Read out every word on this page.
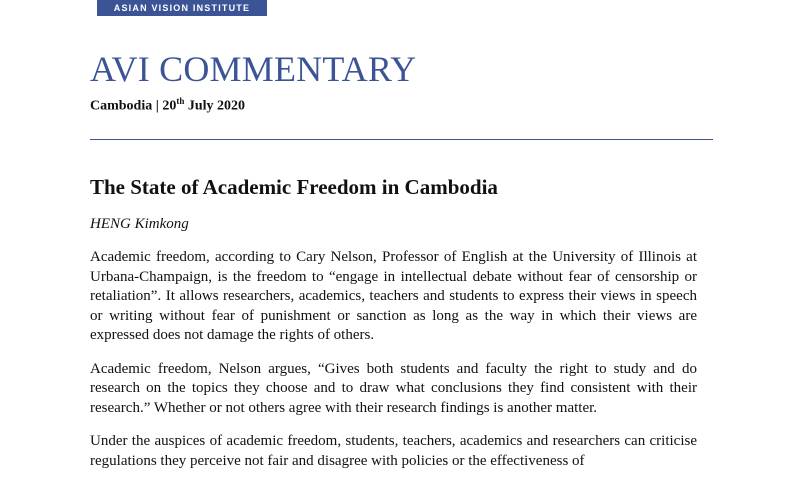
ASIAN VISION INSTITUTE
AVI COMMENTARY
Cambodia | 20th July 2020
The State of Academic Freedom in Cambodia
HENG Kimkong

Academic freedom, according to Cary Nelson, Professor of English at the University of Illinois at Urbana-Champaign, is the freedom to “engage in intellectual debate without fear of censorship or retaliation”. It allows researchers, academics, teachers and students to express their views in speech or writing without fear of punishment or sanction as long as the way in which their views are expressed does not damage the rights of others.

Academic freedom, Nelson argues, “Gives both students and faculty the right to study and do research on the topics they choose and to draw what conclusions they find consistent with their research.” Whether or not others agree with their research findings is another matter.

Under the auspices of academic freedom, students, teachers, academics and researchers can criticise regulations they perceive not fair and disagree with policies or the effectiveness of
